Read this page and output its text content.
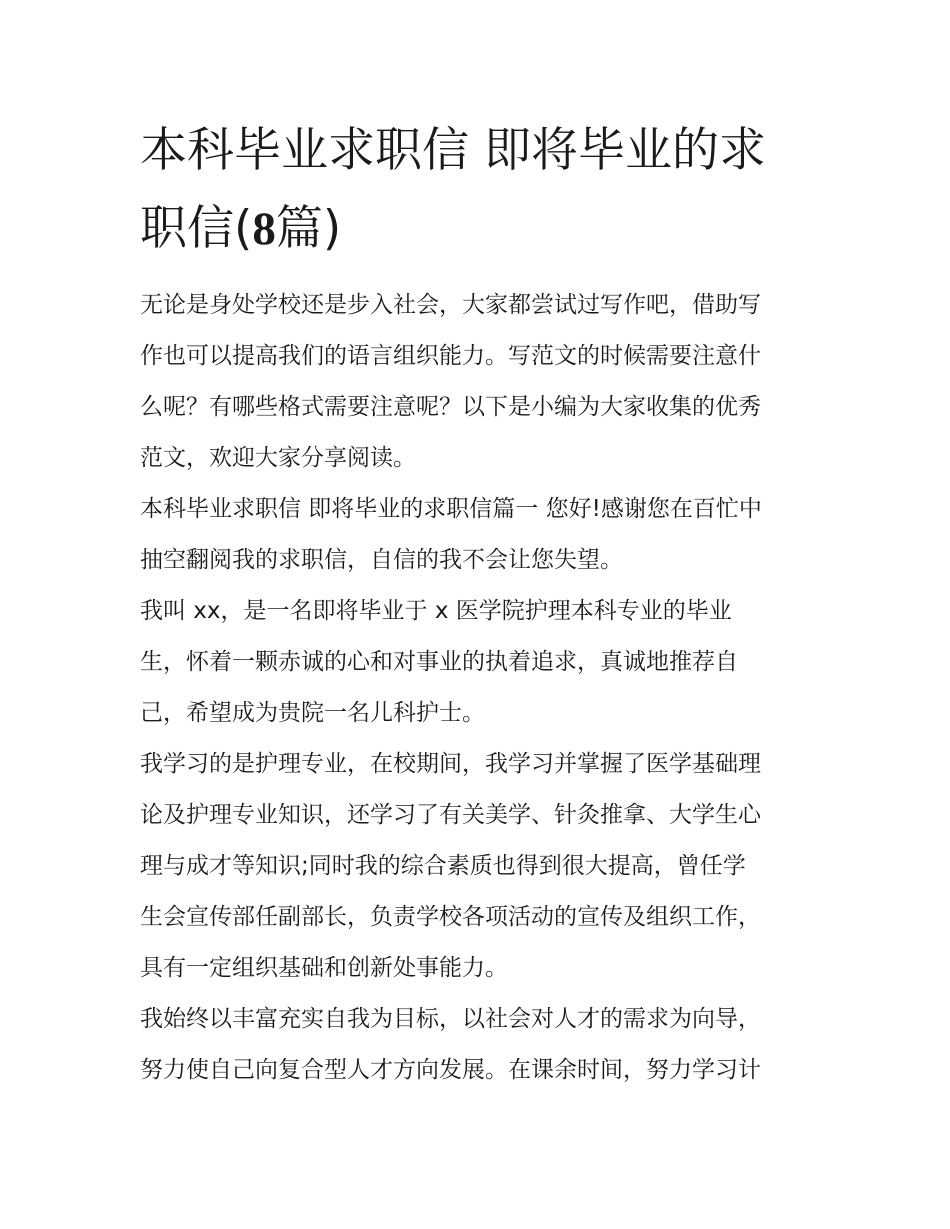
本科毕业求职信 即将毕业的求
职信(8篇)
无论是身处学校还是步入社会，大家都尝试过写作吧，借助写
作也可以提高我们的语言组织能力。写范文的时候需要注意什
么呢？有哪些格式需要注意呢？以下是小编为大家收集的优秀
范文，欢迎大家分享阅读。
本科毕业求职信 即将毕业的求职信篇一 您好!感谢您在百忙中
抽空翻阅我的求职信，自信的我不会让您失望。
我叫 xx，是一名即将毕业于 x 医学院护理本科专业的毕业
生，怀着一颗赤诚的心和对事业的执着追求，真诚地推荐自
己，希望成为贵院一名儿科护士。
我学习的是护理专业，在校期间，我学习并掌握了医学基础理
论及护理专业知识，还学习了有关美学、针灸推拿、大学生心
理与成才等知识;同时我的综合素质也得到很大提高，曾任学
生会宣传部任副部长，负责学校各项活动的宣传及组织工作，
具有一定组织基础和创新处事能力。
我始终以丰富充实自我为目标，以社会对人才的需求为向导，
努力使自己向复合型人才方向发展。在课余时间，努力学习计
